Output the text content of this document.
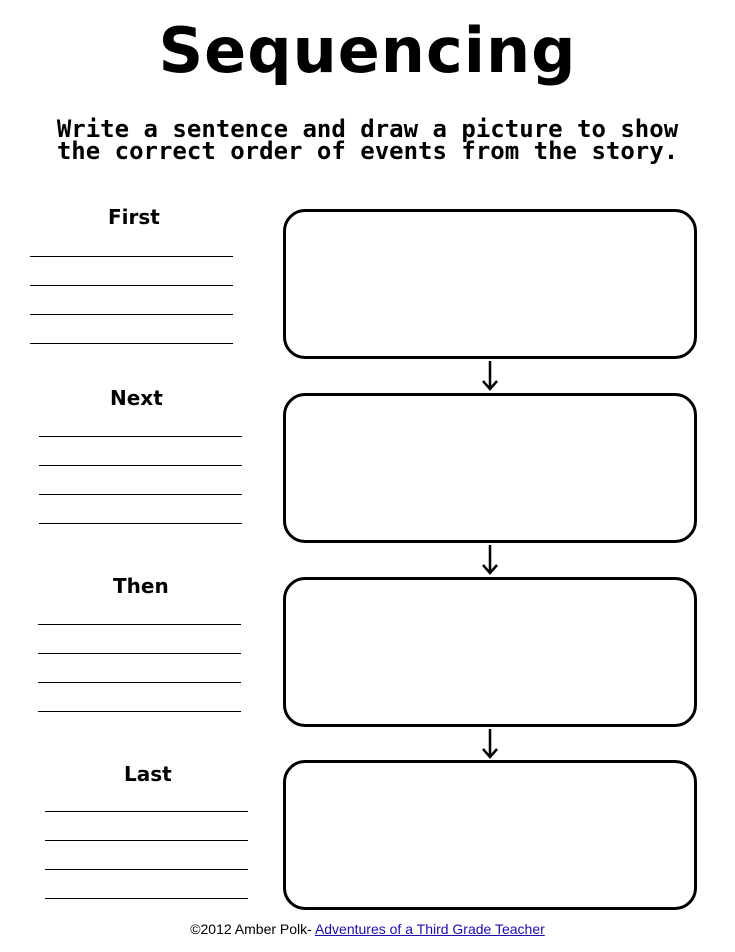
Sequencing
Write a sentence and draw a picture to show the correct order of events from the story.
First
Next
Then
Last
©2012 Amber Polk- Adventures of a Third Grade Teacher
